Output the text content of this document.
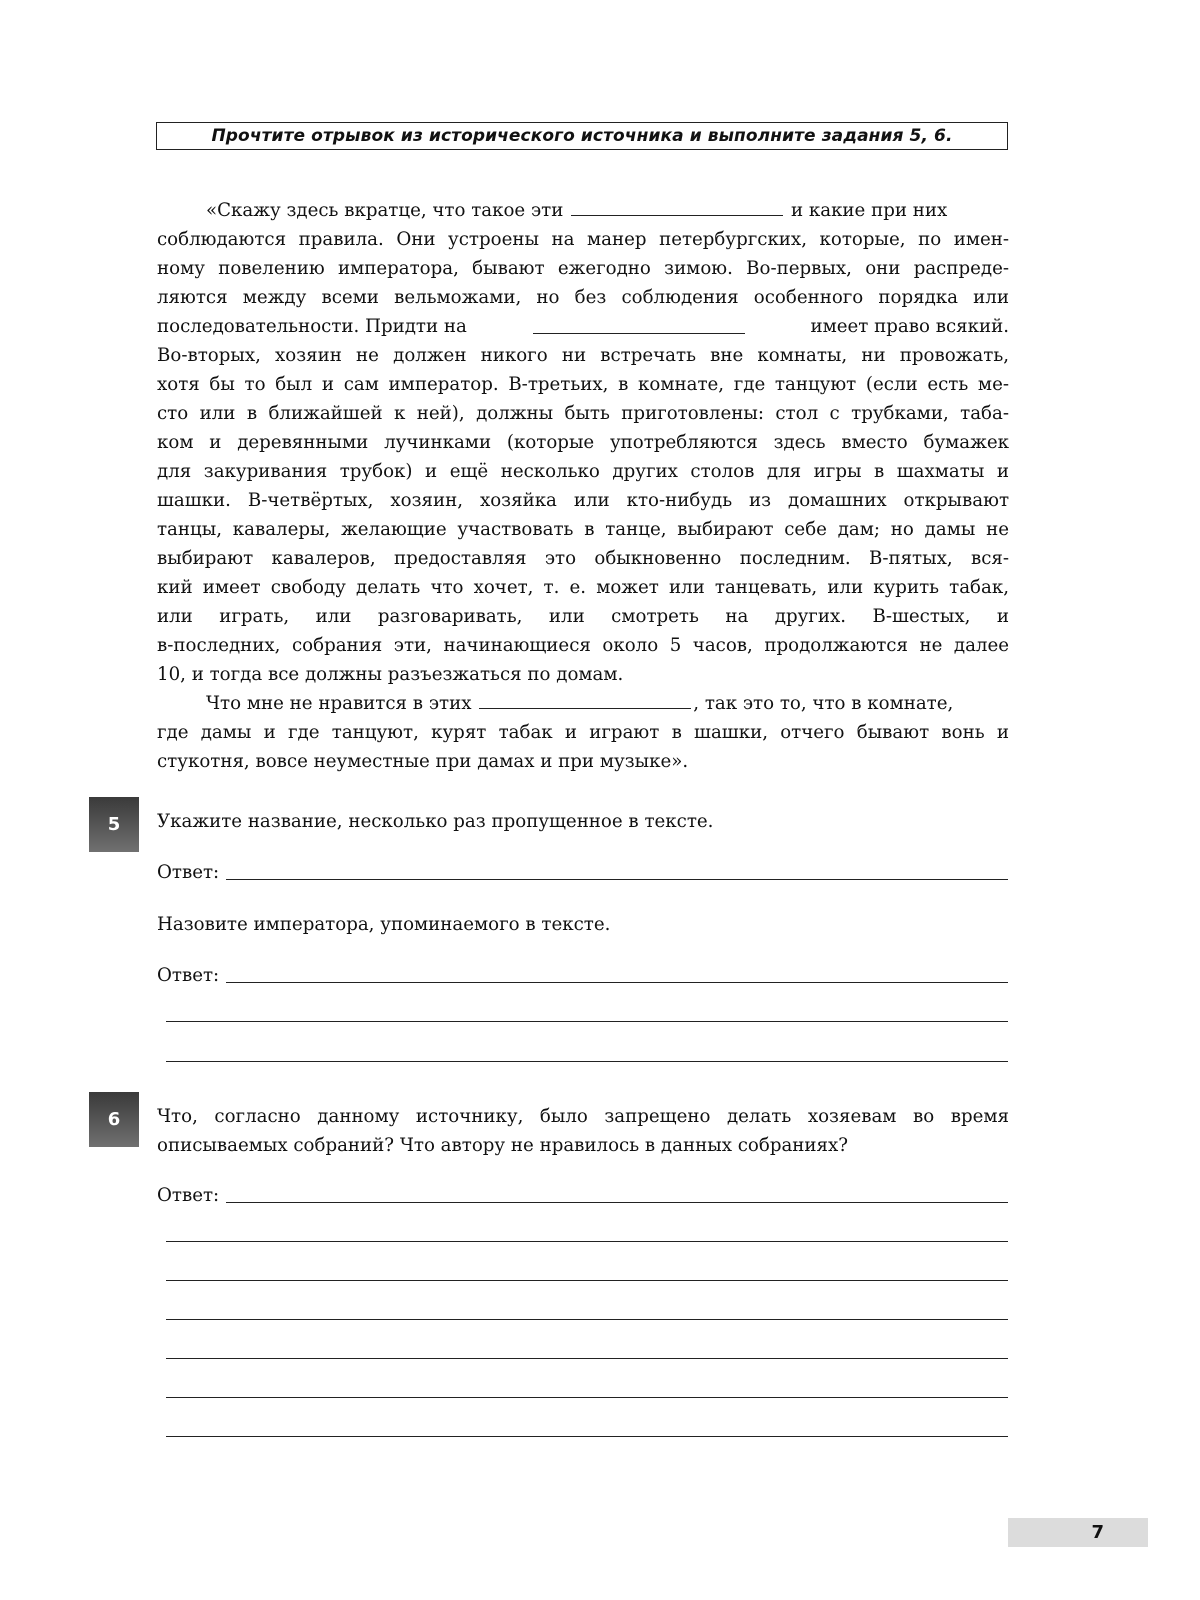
Прочтите отрывок из исторического источника и выполните задания 5, 6.
«Скажу здесь вкратце, что такое эти	и какие при них
соблюдаются правила. Они устроены на манер петербургских, которые, по имен-
ному повелению императора, бывают ежегодно зимою. Во-первых, они распреде-
ляются между всеми вельможами, но без соблюдения особенного порядка или
последовательности. Придти на	имеет право всякий.
Во-вторых, хозяин не должен никого ни встречать вне комнаты, ни провожать,
хотя бы то был и сам император. В-третьих, в комнате, где танцуют (если есть ме-
сто или в ближайшей к ней), должны быть приготовлены: стол с трубками, таба-
ком и деревянными лучинками (которые употребляются здесь вместо бумажек
для закуривания трубок) и ещё несколько других столов для игры в шахматы и
шашки. В-четвёртых, хозяин, хозяйка или кто-нибудь из домашних открывают
танцы, кавалеры, желающие участвовать в танце, выбирают себе дам; но дамы не
выбирают кавалеров, предоставляя это обыкновенно последним. В-пятых, вся-
кий имеет свободу делать что хочет, т. е. может или танцевать, или курить табак,
или играть, или разговаривать, или смотреть на других. В-шестых, и
в-последних, собрания эти, начинающиеся около 5 часов, продолжаются не далее
10, и тогда все должны разъезжаться по домам.
Что мне не нравится в этих	, так это то, что в комнате,
где дамы и где танцуют, курят табак и играют в шашки, отчего бывают вонь и
стукотня, вовсе неуместные при дамах и при музыке».
5	Укажите название, несколько раз пропущенное в тексте.
Ответ:
Назовите императора, упоминаемого в тексте.
Ответ:
6	Что, согласно данному источнику, было запрещено делать хозяевам во время
описываемых собраний? Что автору не нравилось в данных собраниях?
Ответ:
7
